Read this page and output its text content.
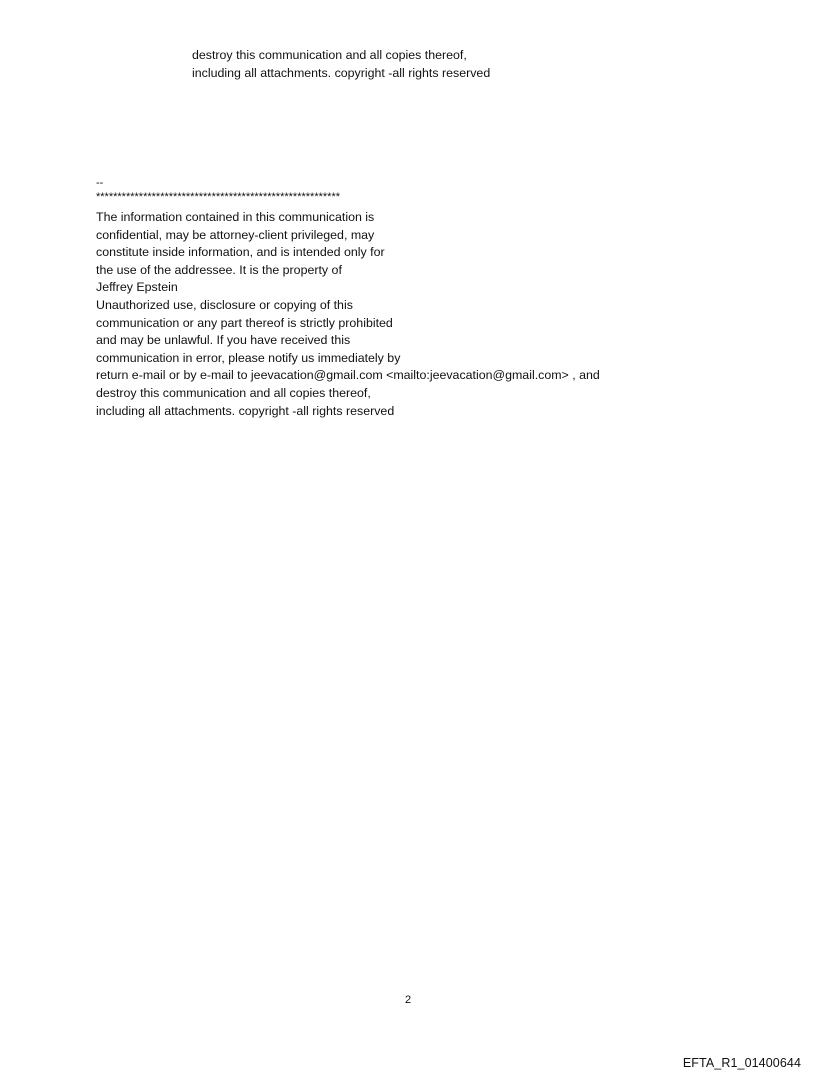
destroy this communication and all copies thereof,
including all attachments. copyright -all rights reserved
--
*********************************************************
The information contained in this communication is
confidential, may be attorney-client privileged, may
constitute inside information, and is intended only for
the use of the addressee. It is the property of
Jeffrey Epstein
Unauthorized use, disclosure or copying of this
communication or any part thereof is strictly prohibited
and may be unlawful. If you have received this
communication in error, please notify us immediately by
return e-mail or by e-mail to jeevacation@gmail.com <mailto:jeevacation@gmail.com> , and
destroy this communication and all copies thereof,
including all attachments. copyright -all rights reserved
2
EFTA_R1_01400644
